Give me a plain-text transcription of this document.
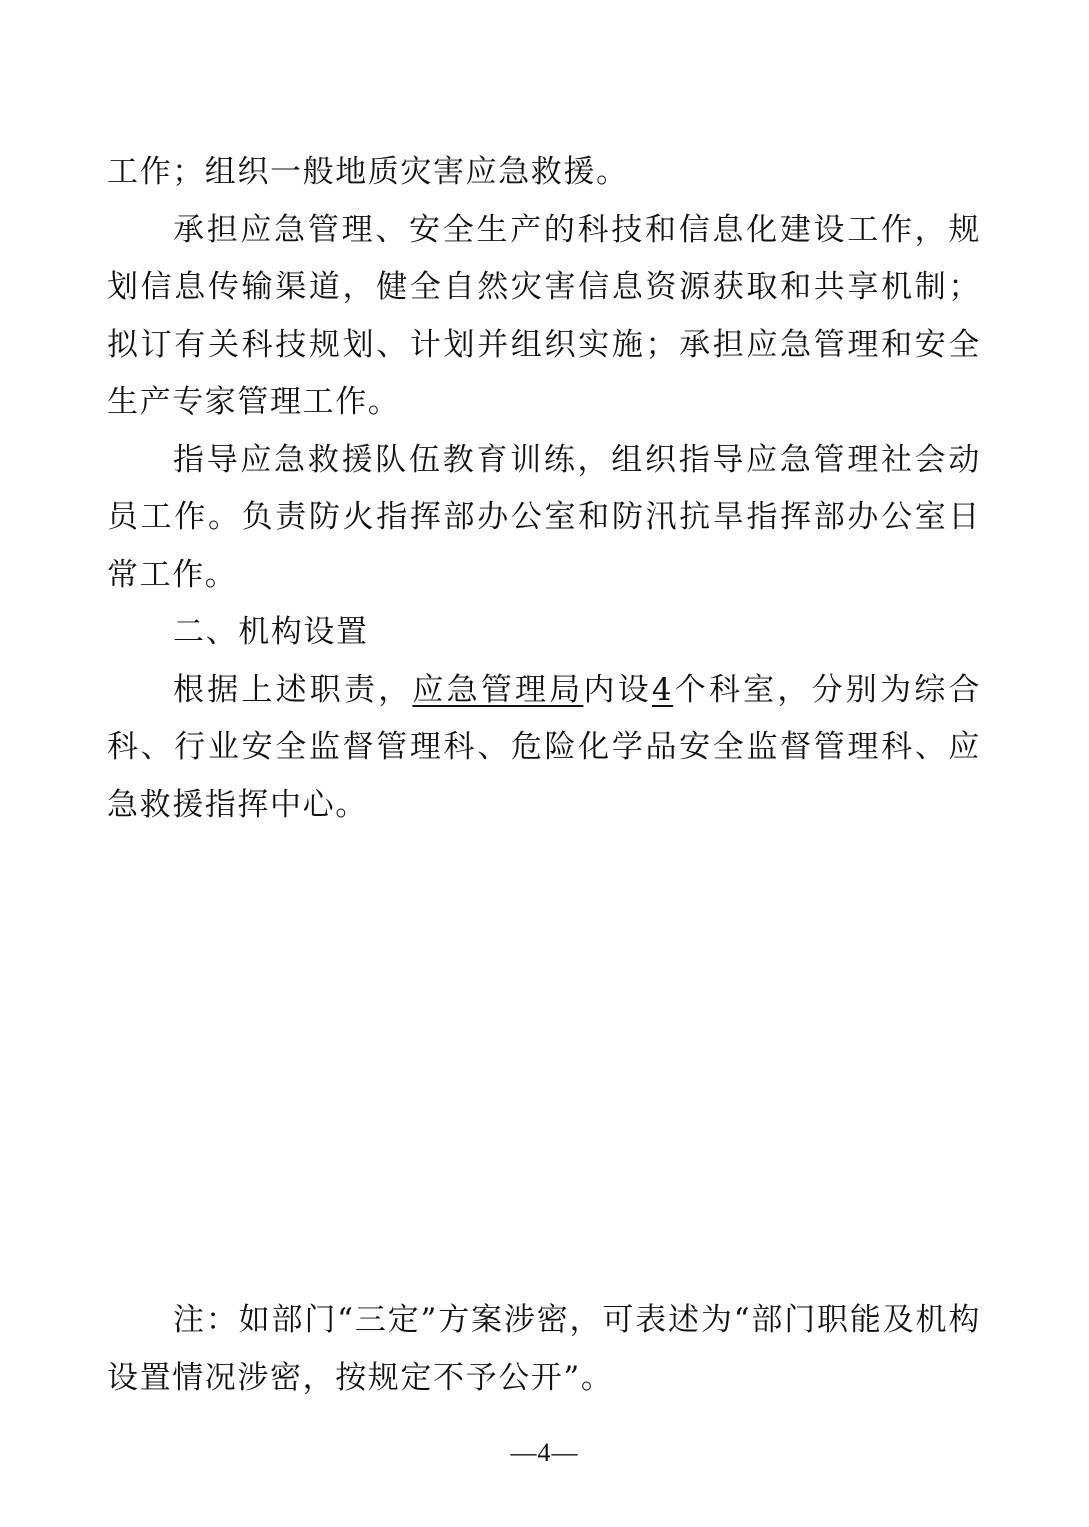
工作；组织一般地质灾害应急救援。

承担应急管理、安全生产的科技和信息化建设工作，规划信息传输渠道，健全自然灾害信息资源获取和共享机制；拟订有关科技规划、计划并组织实施；承担应急管理和安全生产专家管理工作。

指导应急救援队伍教育训练，组织指导应急管理社会动员工作。负责防火指挥部办公室和防汛抗旱指挥部办公室日常工作。

二、机构设置

根据上述职责，应急管理局内设4个科室，分别为综合科、行业安全监督管理科、危险化学品安全监督管理科、应急救援指挥中心。

注：如部门“三定”方案涉密，可表述为“部门职能及机构设置情况涉密，按规定不予公开”。

—4—
